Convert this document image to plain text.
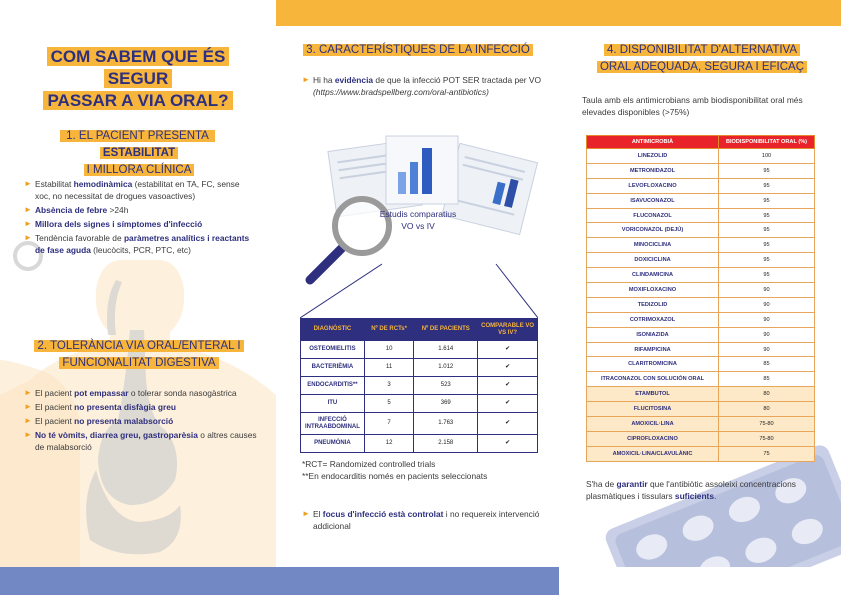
COM SABEM QUE ÉS SEGUR
PASSAR A VIA ORAL?
1. EL PACIENT PRESENTA ESTABILITAT
I MILLORA CLÍNICA
► Estabilitat hemodinàmica (estabilitat en TA, FC, sense xoc, no necessitat de drogues vasoactives)
► Absència de febre >24h
► Millora dels signes i símptomes d'infecció
► Tendència favorable de paràmetres analítics i reactants de fase aguda (leucòcits, PCR, PTC, etc)
2. TOLERÀNCIA VIA ORAL/ENTERAL I
FUNCIONALITAT DIGESTIVA
► El pacient pot empassar o tolerar sonda nasogàstrica
► El pacient no presenta disfàgia greu
► El pacient no presenta malabsorció
► No té vòmits, diarrea greu, gastroparèsia o altres causes de malabsorció
3. CARACTERÍSTIQUES DE LA INFECCIÓ
► Hi ha evidència de que la infecció POT SER tractada per VO
(https://www.bradspellberg.com/oral-antibiotics)
Estudis comparatius
VO vs IV
DIAGNÒSTIC	Nº DE RCTs*	Nº DE PACIENTS	COMPARABLE VO VS IV?
OSTEOMIELITIS	10	1.614	✔
BACTERIÈMIA	11	1.012	✔
ENDOCARDITIS**	3	523	✔
ITU	5	369	✔
INFECCIÓ INTRAABDOMINAL	7	1.763	✔
PNEUMÒNIA	12	2.158	✔
*RCT= Randomized controlled trials
**En endocarditis només en pacients seleccionats
► El focus d'infecció està controlat i no requereix intervenció addicional
4. DISPONIBILITAT D'ALTERNATIVA
ORAL ADEQUADA, SEGURA I EFICAÇ
Taula amb els antimicrobians amb biodisponibilitat oral més elevades disponibles (>75%)
ANTIMICROBIÀ	BIODISPONIBILITAT ORAL (%)
LINEZOLID	100
METRONIDAZOL	95
LEVOFLOXACINO	95
ISAVUCONAZOL	95
FLUCONAZOL	95
VORICONAZOL (DEJÚ)	95
MINOCICLINA	95
DOXICICLINA	95
CLINDAMICINA	95
MOXIFLOXACINO	90
TEDIZOLID	90
COTRIMOXAZOL	90
ISONIAZIDA	90
RIFAMPICINA	90
CLARITROMICINA	85
ITRACONAZOL CON SOLUCIÓN ORAL	85
ETAMBUTOL	80
FLUCITOSINA	80
AMOXICIL·LINA	75-80
CIPROFLOXACINO	75-80
AMOXICIL·LINA/CLAVULÀNIC	75
S'ha de garantir que l'antibiòtic assoleixi concentracions plasmàtiques i tissulars suficients.
